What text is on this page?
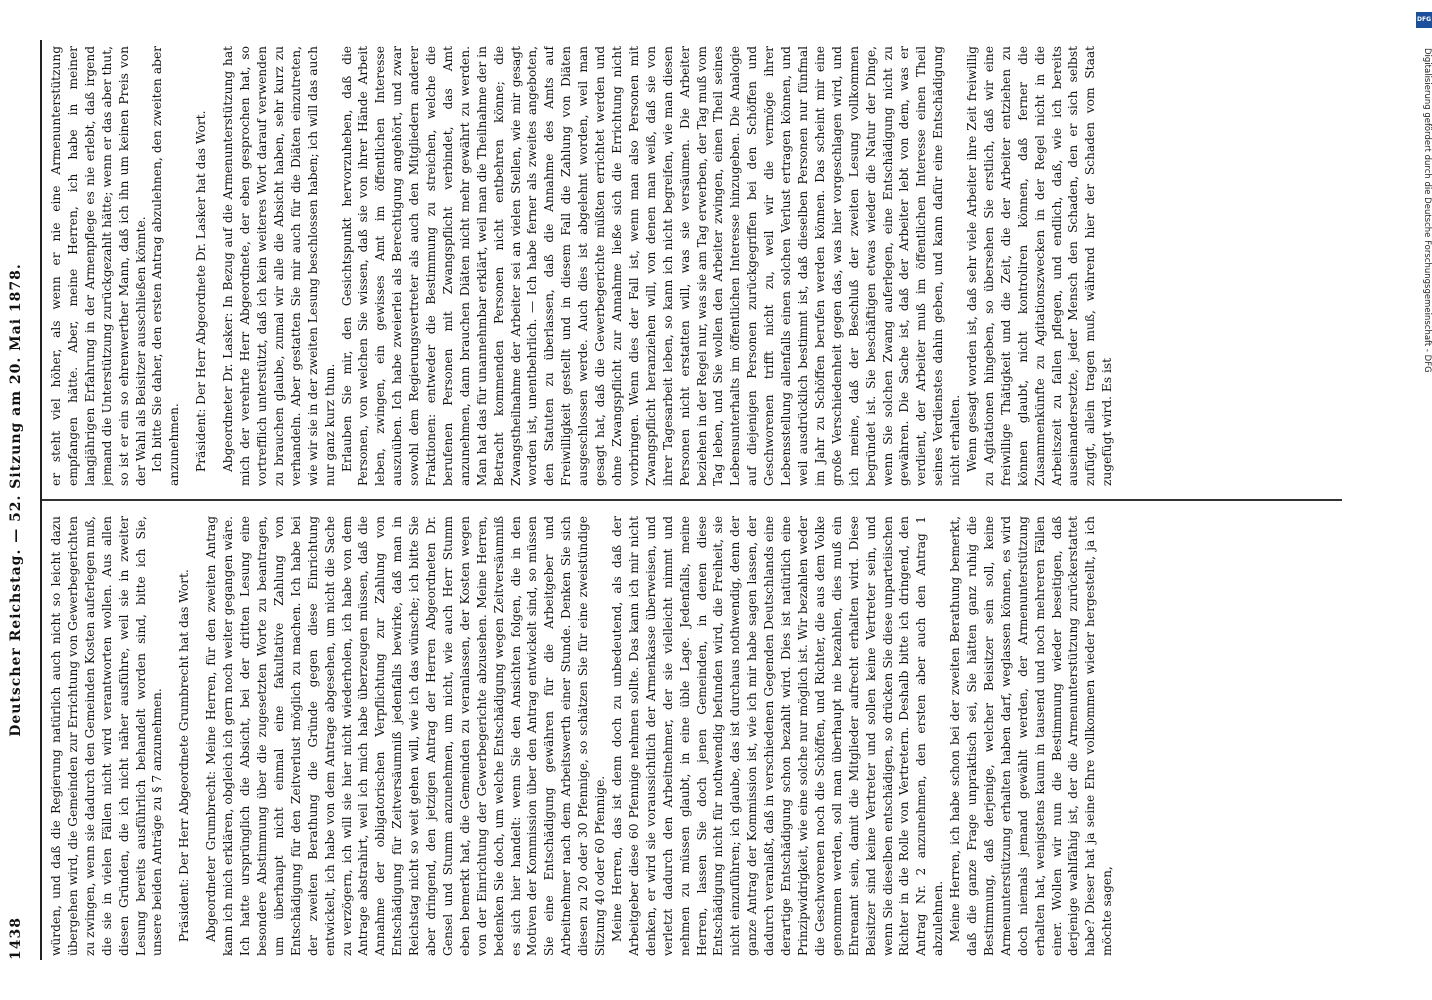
1438
Deutscher Reichstag. — 52. Sitzung am 20. Mai 1878. würden, und daß die Regierung natürlich auch nicht so leicht dazu übergehen wird, die Gemeinden zur Errichtung von Gewerbegerichten zu zwingen, wenn sie dadurch den Gemeinden Kosten auferlegen muß, die sie in vielen Fällen nicht wird verantworten wollen. Aus allen diesen Gründen, die ich nicht näher ausführe, weil sie in zweiter Lesung bereits ausführlich behandelt worden sind, bitte ich Sie, unsere beiden Anträge zu § 7 anzunehmen. Präsident: Der Herr Abgeordnete Grumbrecht hat das Wort. Abgeordneter Grumbrecht: Meine Herren, für den zweiten Antrag kann ich mich erklären, obgleich ich gern noch weiter gegangen wäre. Ich hatte ursprünglich die Absicht, bei der dritten Lesung eine besondere Abstimmung über die zugesetzten Worte zu beantragen, um überhaupt nicht einmal eine fakultative Zahlung von Entschädigung für den Zeitverlust möglich zu machen. Ich habe bei der zweiten Berathung die Gründe gegen diese Einrichtung entwickelt, ich habe von dem Antrage abgesehen, um nicht die Sache zu verzögern, ich will sie hier nicht wiederholen, ich habe von dem Antrage abstrahirt, weil ich mich habe überzeugen müssen, daß die Annahme der obligatorischen Verpflichtung zur Zahlung von Entschädigung für Zeitversäumniß jedenfalls bewirke, daß man in Reichstag nicht so weit gehen will, wie ich das wünsche; ich bitte Sie aber dringend, den jetzigen Antrag der Herren Abgeordneten Dr. Gensel und Stumm anzunehmen, um nicht, wie auch Herr Stumm eben bemerkt hat, die Gemeinden zu veranlassen, der Kosten wegen von der Einrichtung der Gewerbegerichte abzusehen. Meine Herren, bedenken Sie doch, um welche Entschädigung wegen Zeitversäumniß es sich hier handelt: wenn Sie den Ansichten folgen, die in den Motiven der Kommission über den Antrag entwickelt sind, so müssen Sie eine Entschädigung gewähren für die Arbeitgeber und Arbeitnehmer nach dem Arbeitswerth einer Stunde. Denken Sie sich diesen zu 20 oder 30 Pfennige, so schätzen Sie für eine zweistündige Sitzung 40 oder 60 Pfennige. Meine Herren, das ist denn doch zu unbedeutend, als daß der Arbeitgeber diese 60 Pfennige nehmen sollte. Das kann ich mir nicht denken, er wird sie voraussichtlich der Armenkasse überweisen, und verletzt dadurch den Arbeitnehmer, der sie vielleicht nimmt und nehmen zu müssen glaubt, in eine üble Lage. Jedenfalls, meine Herren, lassen Sie doch jenen Gemeinden, in denen diese Entschädigung nicht für nothwendig befunden wird, die Freiheit, sie nicht einzuführen; ich glaube, das ist durchaus nothwendig, denn der ganze Antrag der Kommission ist, wie ich mir habe sagen lassen, der dadurch veranlaßt, daß in verschiedenen Gegenden Deutschlands eine derartige Entschädigung schon bezahlt wird. Dies ist natürlich eine Prinzipwidrigkeit, wie eine solche nur möglich ist. Wir bezahlen weder die Geschworenen noch die Schöffen, und Richter, die aus dem Volke genommen werden, soll man überhaupt nie bezahlen, dies muß ein Ehrenamt sein, damit die Mitglieder aufrecht erhalten wird. Diese Beisitzer sind keine Vertreter und sollen keine Vertreter sein, und wenn Sie dieselben entschädigen, so drücken Sie diese unparteiischen Richter in die Rolle von Vertretern. Deshalb bitte ich dringend, den Antrag Nr. 2 anzunehmen, den ersten aber auch den Antrag 1 abzulehnen. Meine Herren, ich habe schon bei der zweiten Berathung bemerkt, daß die ganze Frage unpraktisch sei, Sie hätten ganz ruhig die Bestimmung, daß derjenige, welcher Beisitzer sein soll, keine Armenunterstützung erhalten haben darf, weglassen können, es wird doch niemals jemand gewählt werden, der Armenunterstützung erhalten hat, wenigstens kaum in tausend und noch mehreren Fällen einer. Wollen wir nun die Bestimmung wieder beseitigen, daß derjenige wahlfähig ist, der die Armenunterstützung zurückerstattet habe? Dieser hat ja seine Ehre vollkommen wieder hergestellt, ja ich möchte sagen,

er steht viel höher, als wenn er nie eine Armenunterstützung empfangen hätte. Aber, meine Herren, ich habe in meiner langjährigen Erfahrung in der Armenpflege es nie erlebt, daß irgend jemand die Unterstützung zurückgezahlt hätte; wenn er das aber thut, so ist er ein so ehrenwerther Mann, daß ich ihn um keinen Preis von der Wahl als Beisitzer ausschließen könnte. Ich bitte Sie daher, den ersten Antrag abzulehnen, den zweiten aber anzunehmen. Präsident: Der Herr Abgeordnete Dr. Lasker hat das Wort. Abgeordneter Dr. Lasker: In Bezug auf die Armenunterstützung hat mich der verehrte Herr Abgeordnete, der eben gesprochen hat, so vortrefflich unterstützt, daß ich kein weiteres Wort darauf verwenden zu brauchen glaube, zumal wir alle die Absicht haben, sehr kurz zu verhandeln. Aber gestatten Sie mir auch für die Diäten einzutreten, wie wir sie in der zweiten Lesung beschlossen haben; ich will das auch nur ganz kurz thun. Erlauben Sie mir, den Gesichtspunkt hervorzuheben, daß die Personen, von welchen Sie wissen, daß sie von ihrer Hände Arbeit leben, zwingen, ein gewisses Amt im öffentlichen Interesse auszuüben. Ich habe zweierlei als Berechtigung angehört, und zwar sowohl dem Regierungsvertreter als auch den Mitgliedern anderer Fraktionen: entweder die Bestimmung zu streichen, welche die berufenen Personen mit Zwangspflicht verbindet, das Amt anzunehmen, dann brauchen Diäten nicht mehr gewährt zu werden. Man hat das für unannehmbar erklärt, weil man die Theilnahme der in Betracht kommenden Personen nicht entbehren könne; die Zwangstheilnahme der Arbeiter sei an vielen Stellen, wie mir gesagt worden ist, unentbehrlich. — Ich habe ferner als zweites angeboten, den Statuten zu überlassen, daß die Annahme des Amts auf Freiwilligkeit gestellt und in diesem Fall die Zahlung von Diäten ausgeschlossen werde. Auch dies ist abgelehnt worden, weil man gesagt hat, daß die Gewerbegerichte müßten errichtet werden und ohne Zwangspflicht zur Annahme ließe sich die Errichtung nicht vorbringen. Wenn dies der Fall ist, wenn man also Personen mit Zwangspflicht heranziehen will, von denen man weiß, daß sie von ihrer Tagesarbeit leben, so kann ich nicht begreifen, wie man diesen Personen nicht erstatten will, was sie versäumen. Die Arbeiter beziehen in der Regel nur, was sie am Tag erwerben, der Tag muß vom Tag leben, und Sie wollen den Arbeiter zwingen, einen Theil seines Lebensunterhalts im öffentlichen Interesse hinzugeben. Die Analogie auf diejenigen Personen zurückgegriffen bei den Schöffen und Geschworenen trifft nicht zu, weil wir die vermöge ihrer Lebensstellung allenfalls einen solchen Verlust ertragen können, und weil ausdrücklich bestimmt ist, daß dieselben Personen nur fünfmal im Jahr zu Schöffen berufen werden können. Das scheint mir eine große Verschiedenheit gegen das, was hier vorgeschlagen wird, und ich meine, daß der Beschluß der zweiten Lesung vollkommen begründet ist. Sie beschäftigen etwas wieder die Natur der Dinge, wenn Sie solchen Zwang auferlegen, eine Entschädigung nicht zu gewähren. Die Sache ist, daß der Arbeiter lebt von dem, was er verdient, der Arbeiter muß im öffentlichen Interesse einen Theil seines Verdienstes dahin geben, und kann dafür eine Entschädigung nicht erhalten. Wenn gesagt worden ist, daß sehr viele Arbeiter ihre Zeit freiwillig zu Agitationen hingeben, so übersehen Sie erstlich, daß wir eine freiwillige Thätigkeit und die Zeit, die der Arbeiter entziehen zu können glaubt, nicht kontroliren können, daß ferner die Zusammenkünfte zu Agitationszwecken in der Regel nicht in die Arbeitszeit zu fallen pflegen, und endlich, daß, wie ich bereits auseinandersetzte, jeder Mensch den Schaden, den er sich selbst zufügt, allein tragen muß, während hier der Schaden vom Staat zugefügt wird. Es ist

DFG
Digitalisierung gefördert durch die Deutsche Forschungsgemeinschaft - DFG
